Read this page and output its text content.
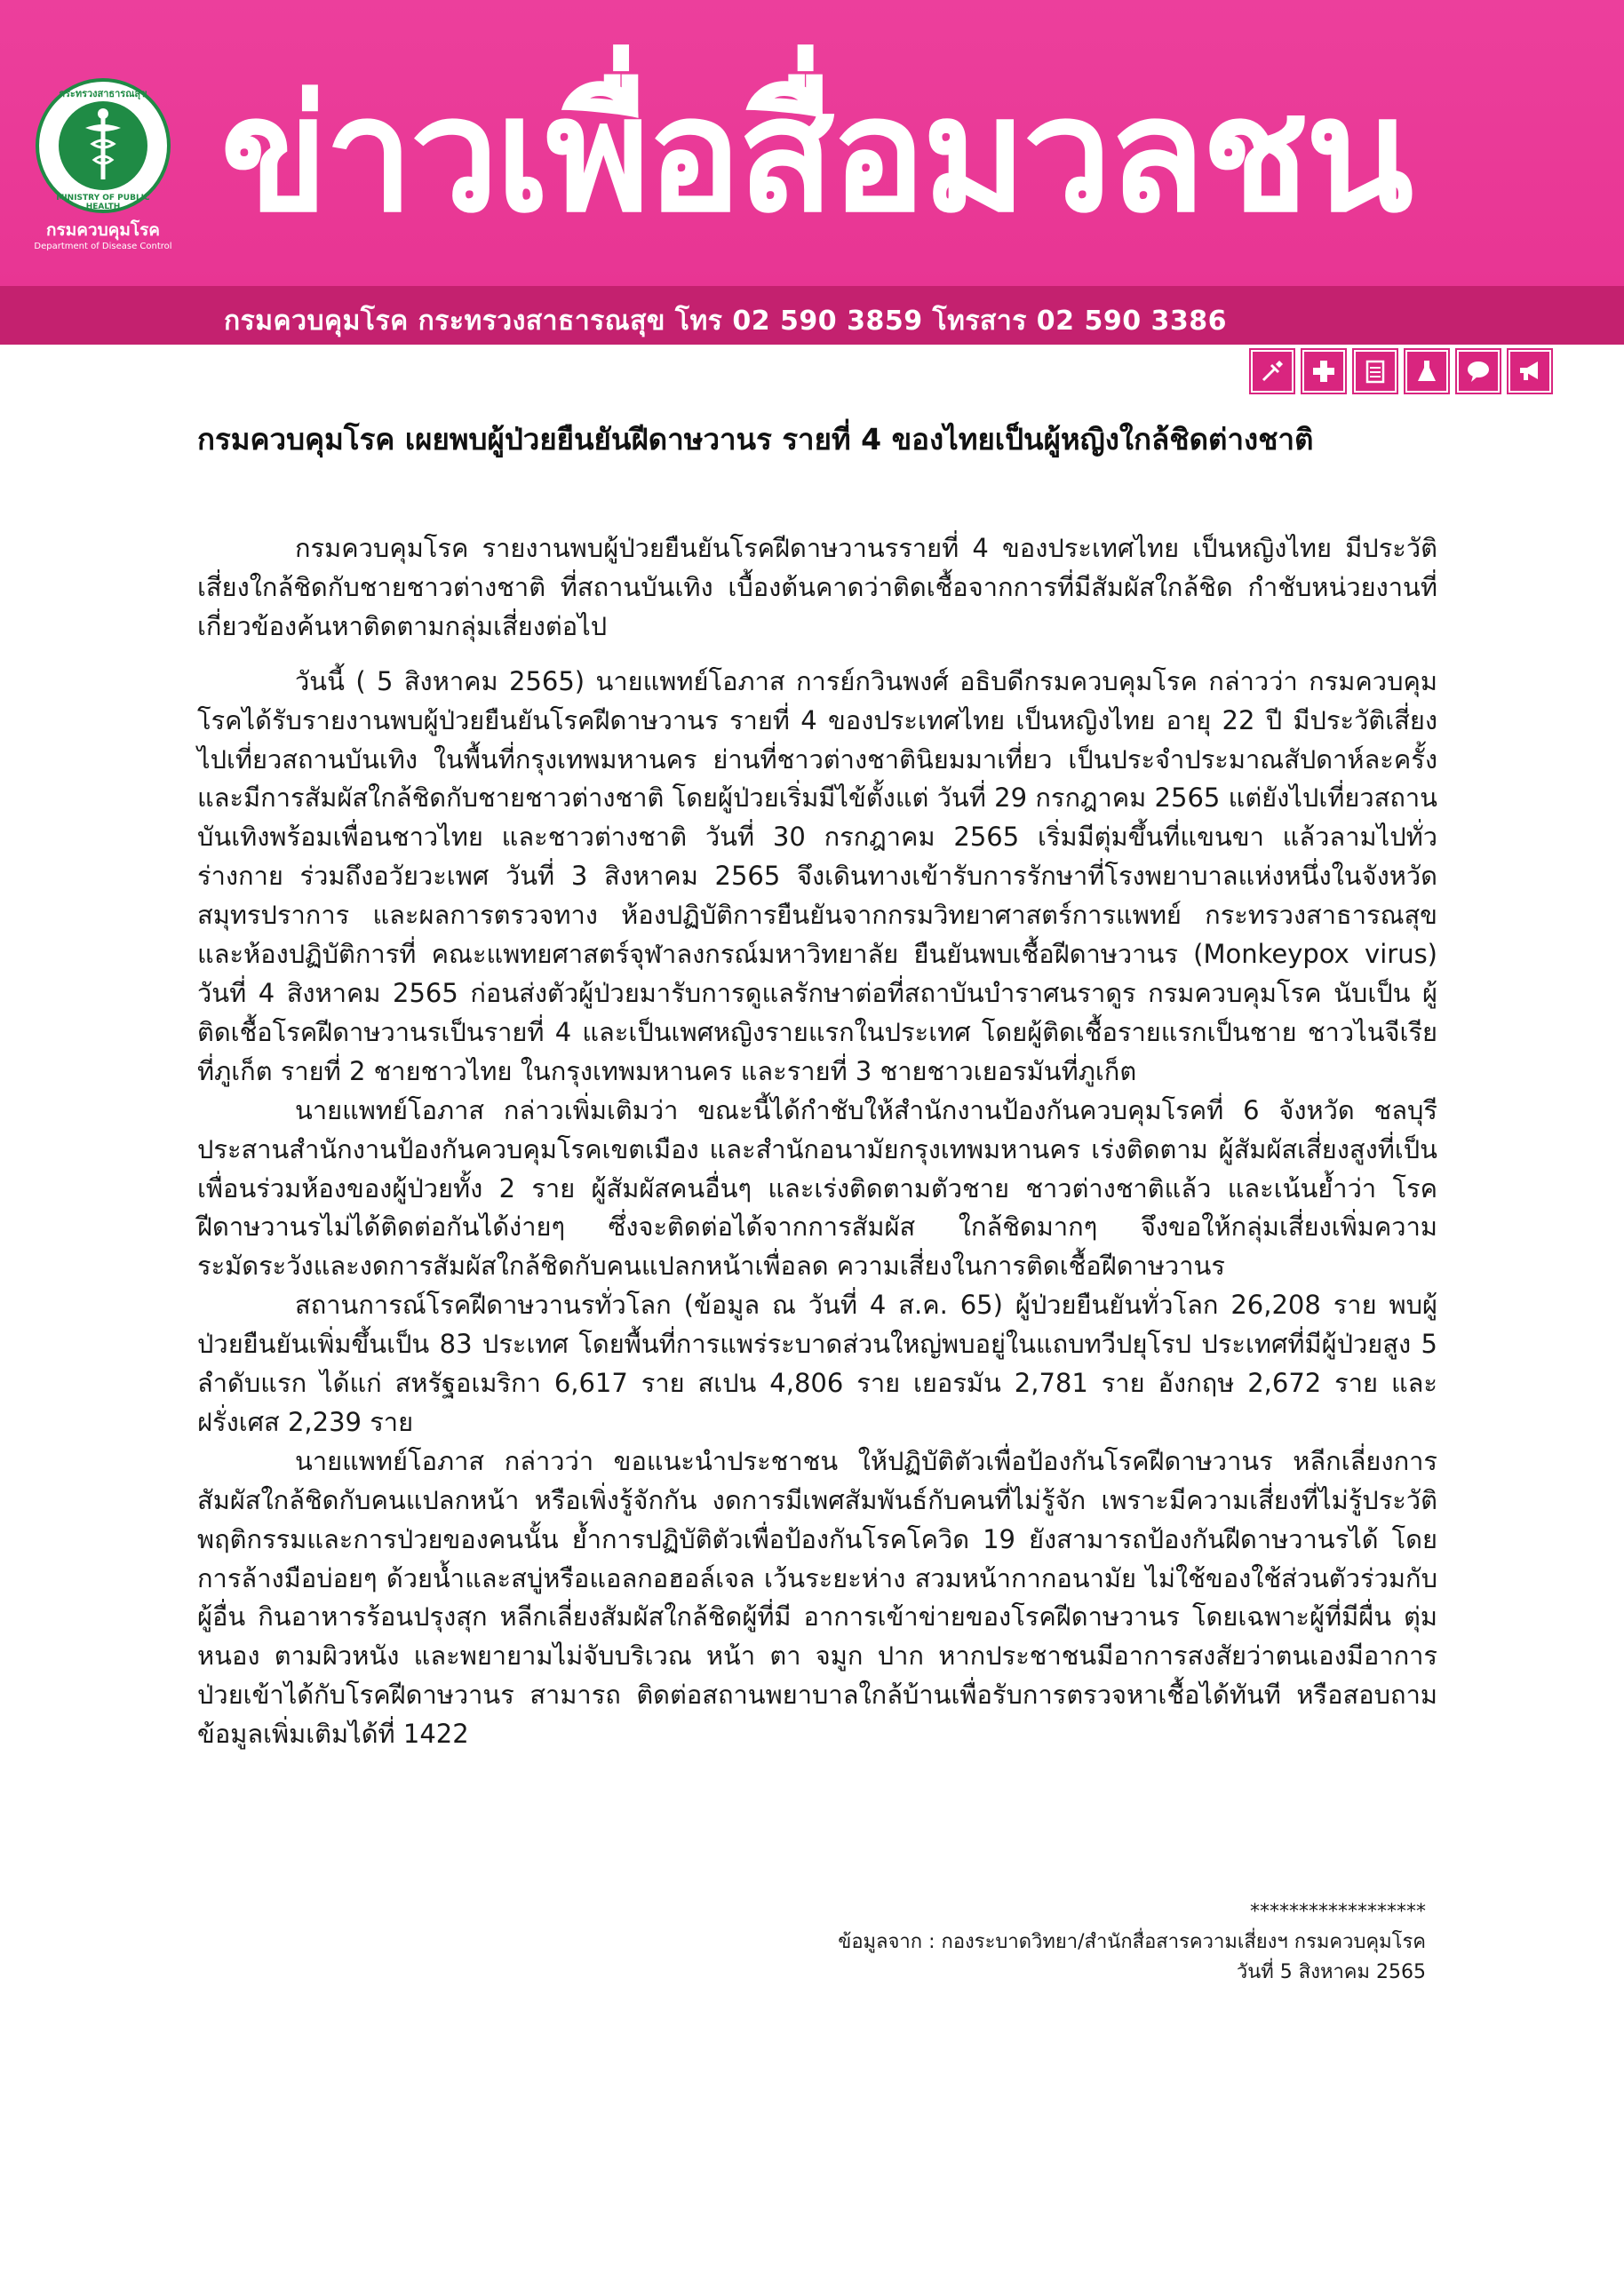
กระทรวงสาธารณสุข
MINISTRY OF PUBLIC HEALTH
กรมควบคุมโรค
Department of Disease Control ข่าวเพื่อสื่อมวลชน
กรมควบคุมโรค กระทรวงสาธารณสุข โทร 02 590 3859 โทรสาร 02 590 3386
กรมควบคุมโรค เผยพบผู้ป่วยยืนยันฝีดาษวานร รายที่ 4 ของไทยเป็นผู้หญิงใกล้ชิดต่างชาติ

กรมควบคุมโรค รายงานพบผู้ป่วยยืนยันโรคฝีดาษวานรรายที่ 4 ของประเทศไทย เป็นหญิงไทย มีประวัติเสี่ยงใกล้ชิดกับชายชาวต่างชาติ ที่สถานบันเทิง เบื้องต้นคาดว่าติดเชื้อจากการที่มีสัมผัสใกล้ชิด กำชับหน่วยงานที่เกี่ยวข้องค้นหาติดตามกลุ่มเสี่ยงต่อไป

วันนี้ ( 5 สิงหาคม 2565) นายแพทย์โอภาส การย์กวินพงศ์ อธิบดีกรมควบคุมโรค กล่าวว่า กรมควบคุมโรคได้รับรายงานพบผู้ป่วยยืนยันโรคฝีดาษวานร รายที่ 4 ของประเทศไทย เป็นหญิงไทย อายุ 22 ปี มีประวัติเสี่ยงไปเที่ยวสถานบันเทิง ในพื้นที่กรุงเทพมหานคร ย่านที่ชาวต่างชาตินิยมมาเที่ยว เป็นประจำประมาณสัปดาห์ละครั้ง และมีการสัมผัสใกล้ชิดกับชายชาวต่างชาติ โดยผู้ป่วยเริ่มมีไข้ตั้งแต่ วันที่ 29 กรกฎาคม 2565 แต่ยังไปเที่ยวสถานบันเทิงพร้อมเพื่อนชาวไทย และชาวต่างชาติ วันที่ 30 กรกฎาคม 2565 เริ่มมีตุ่มขึ้นที่แขนขา แล้วลามไปทั่วร่างกาย ร่วมถึงอวัยวะเพศ วันที่ 3 สิงหาคม 2565 จึงเดินทางเข้ารับการรักษาที่โรงพยาบาลแห่งหนึ่งในจังหวัดสมุทรปราการ และผลการตรวจทาง ห้องปฏิบัติการยืนยันจากกรมวิทยาศาสตร์การแพทย์ กระทรวงสาธารณสุข และห้องปฏิบัติการที่ คณะแพทยศาสตร์จุฬาลงกรณ์มหาวิทยาลัย ยืนยันพบเชื้อฝีดาษวานร (Monkeypox virus) วันที่ 4 สิงหาคม 2565 ก่อนส่งตัวผู้ป่วยมารับการดูแลรักษาต่อที่สถาบันบำราศนราดูร กรมควบคุมโรค นับเป็น ผู้ติดเชื้อโรคฝีดาษวานรเป็นรายที่ 4 และเป็นเพศหญิงรายแรกในประเทศ โดยผู้ติดเชื้อรายแรกเป็นชาย ชาวไนจีเรียที่ภูเก็ต รายที่ 2 ชายชาวไทย ในกรุงเทพมหานคร และรายที่ 3 ชายชาวเยอรมันที่ภูเก็ต

นายแพทย์โอภาส กล่าวเพิ่มเติมว่า ขณะนี้ได้กำชับให้สำนักงานป้องกันควบคุมโรคที่ 6 จังหวัด ชลบุรี ประสานสำนักงานป้องกันควบคุมโรคเขตเมือง และสำนักอนามัยกรุงเทพมหานคร เร่งติดตาม ผู้สัมผัสเสี่ยงสูงที่เป็นเพื่อนร่วมห้องของผู้ป่วยทั้ง 2 ราย ผู้สัมผัสคนอื่นๆ และเร่งติดตามตัวชาย ชาวต่างชาติแล้ว และเน้นย้ำว่า โรคฝีดาษวานรไม่ได้ติดต่อกันได้ง่ายๆ ซึ่งจะติดต่อได้จากการสัมผัส ใกล้ชิดมากๆ จึงขอให้กลุ่มเสี่ยงเพิ่มความระมัดระวังและงดการสัมผัสใกล้ชิดกับคนแปลกหน้าเพื่อลด ความเสี่ยงในการติดเชื้อฝีดาษวานร

สถานการณ์โรคฝีดาษวานรทั่วโลก (ข้อมูล ณ วันที่ 4 ส.ค. 65) ผู้ป่วยยืนยันทั่วโลก 26,208 ราย พบผู้ป่วยยืนยันเพิ่มขึ้นเป็น 83 ประเทศ โดยพื้นที่การแพร่ระบาดส่วนใหญ่พบอยู่ในแถบทวีปยุโรป ประเทศที่มีผู้ป่วยสูง 5 ลำดับแรก ได้แก่ สหรัฐอเมริกา 6,617 ราย สเปน 4,806 ราย เยอรมัน 2,781 ราย อังกฤษ 2,672 ราย และฝรั่งเศส 2,239 ราย

นายแพทย์โอภาส กล่าวว่า ขอแนะนำประชาชน ให้ปฏิบัติตัวเพื่อป้องกันโรคฝีดาษวานร หลีกเลี่ยงการสัมผัสใกล้ชิดกับคนแปลกหน้า หรือเพิ่งรู้จักกัน งดการมีเพศสัมพันธ์กับคนที่ไม่รู้จัก เพราะมีความเสี่ยงที่ไม่รู้ประวัติพฤติกรรมและการป่วยของคนนั้น ย้ำการปฏิบัติตัวเพื่อป้องกันโรคโควิด 19 ยังสามารถป้องกันฝีดาษวานรได้ โดยการล้างมือบ่อยๆ ด้วยน้ำและสบู่หรือแอลกอฮอล์เจล เว้นระยะห่าง สวมหน้ากากอนามัย ไม่ใช้ของใช้ส่วนตัวร่วมกับผู้อื่น กินอาหารร้อนปรุงสุก หลีกเลี่ยงสัมผัสใกล้ชิดผู้ที่มี อาการเข้าข่ายของโรคฝีดาษวานร โดยเฉพาะผู้ที่มีผื่น ตุ่ม หนอง ตามผิวหนัง และพยายามไม่จับบริเวณ หน้า ตา จมูก ปาก หากประชาชนมีอาการสงสัยว่าตนเองมีอาการป่วยเข้าได้กับโรคฝีดาษวานร สามารถ ติดต่อสถานพยาบาลใกล้บ้านเพื่อรับการตรวจหาเชื้อได้ทันที หรือสอบถามข้อมูลเพิ่มเติมได้ที่ 1422

******************
ข้อมูลจาก : กองระบาดวิทยา/สำนักสื่อสารความเสี่ยงฯ กรมควบคุมโรค
วันที่ 5 สิงหาคม 2565
